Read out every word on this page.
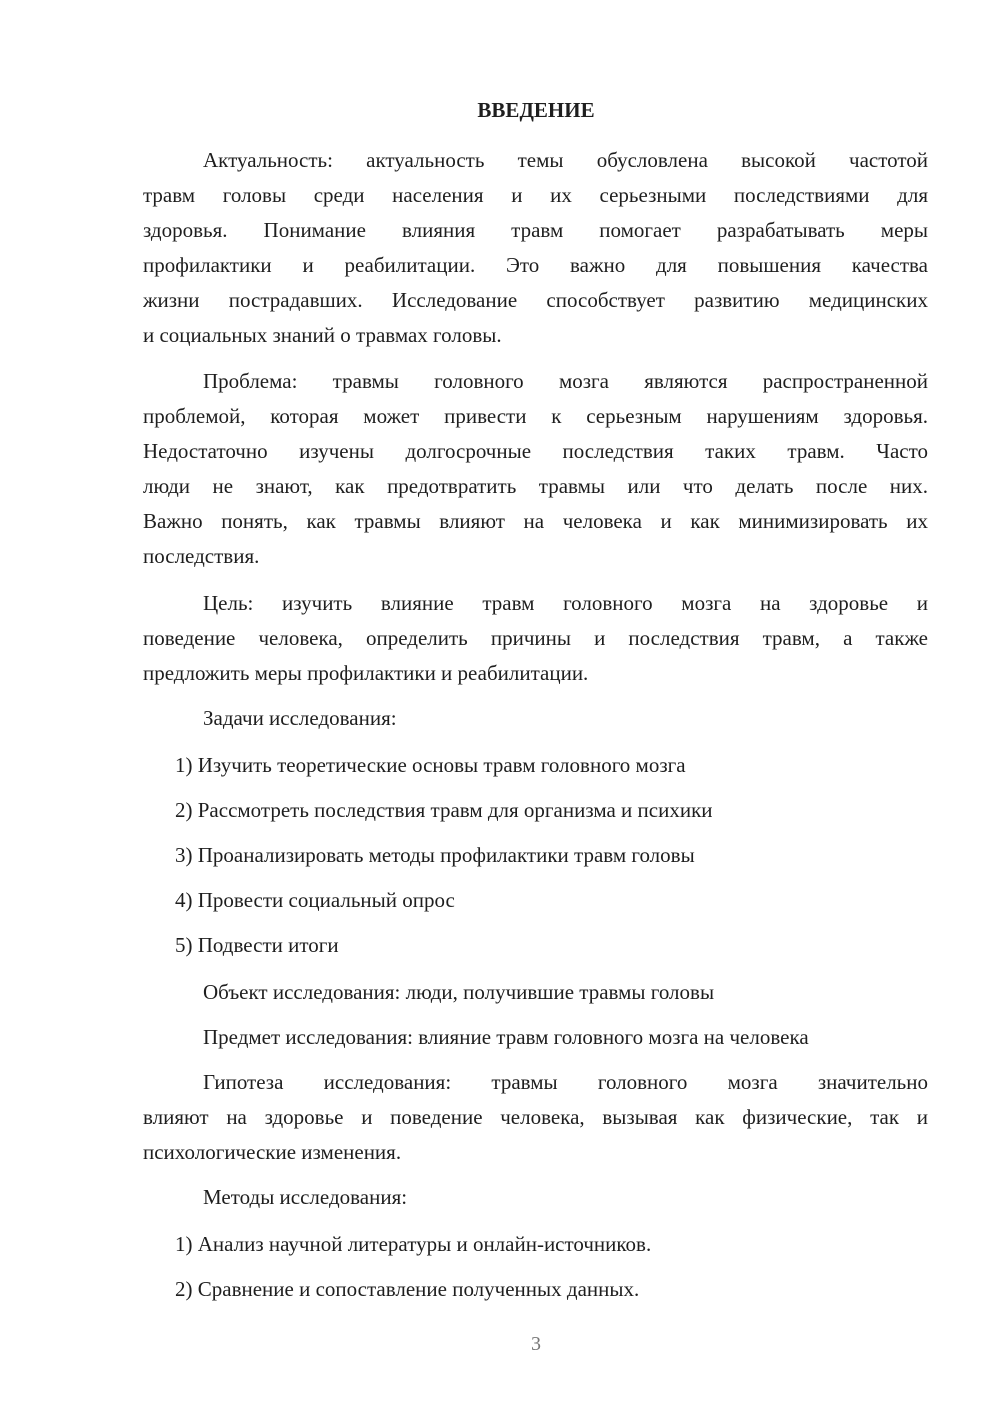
ВВЕДЕНИЕ
Актуальность: актуальность темы обусловлена высокой частотой
травм головы среди населения и их серьезными последствиями для
здоровья. Понимание влияния травм помогает разрабатывать меры
профилактики и реабилитации. Это важно для повышения качества
жизни пострадавших. Исследование способствует развитию медицинских
и социальных знаний о травмах головы.
Проблема: травмы головного мозга являются распространенной
проблемой, которая может привести к серьезным нарушениям здоровья.
Недостаточно изучены долгосрочные последствия таких травм. Часто
люди не знают, как предотвратить травмы или что делать после них.
Важно понять, как травмы влияют на человека и как минимизировать их
последствия.
Цель: изучить влияние травм головного мозга на здоровье и
поведение человека, определить причины и последствия травм, а также
предложить меры профилактики и реабилитации.
Задачи исследования:
1) Изучить теоретические основы травм головного мозга
2) Рассмотреть последствия травм для организма и психики
3) Проанализировать методы профилактики травм головы
4) Провести социальный опрос
5) Подвести итоги
Объект исследования: люди, получившие травмы головы
Предмет исследования: влияние травм головного мозга на человека
Гипотеза исследования: травмы головного мозга значительно
влияют на здоровье и поведение человека, вызывая как физические, так и
психологические изменения.
Методы исследования:
1) Анализ научной литературы и онлайн-источников.
2) Сравнение и сопоставление полученных данных.
3
